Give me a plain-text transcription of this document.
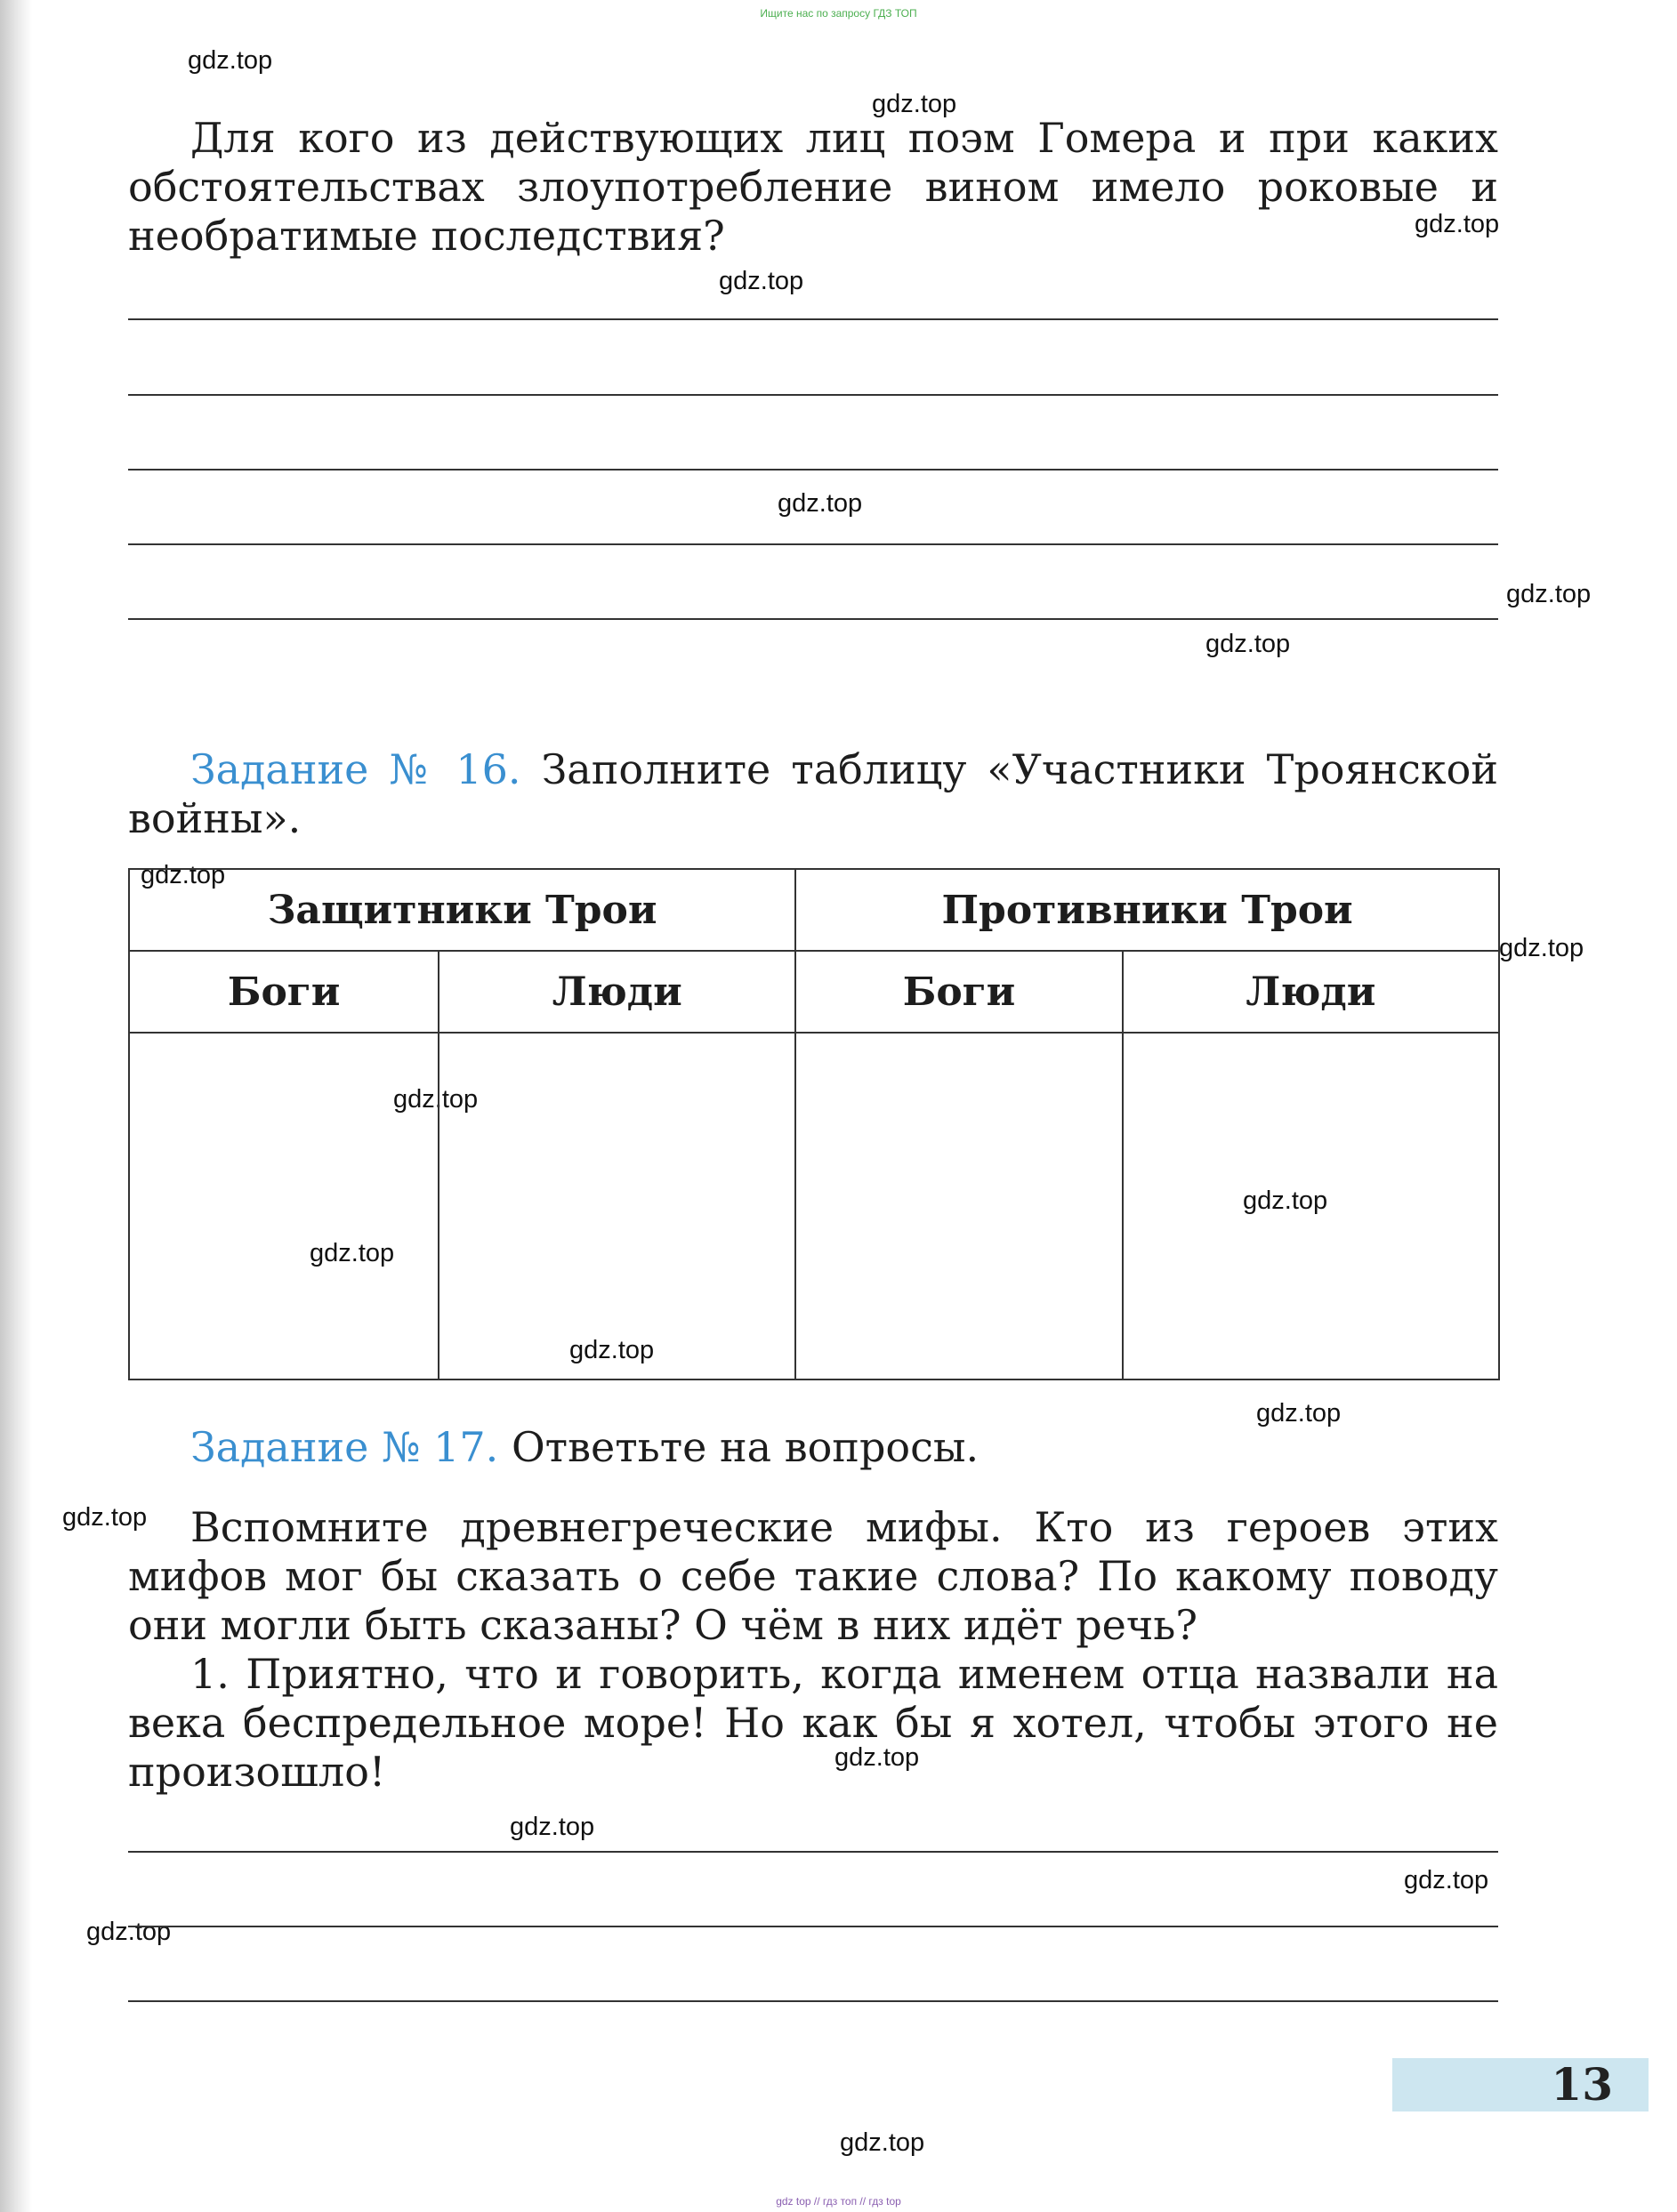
Ищите нас по запросу ГДЗ ТОП
gdz.top
gdz.top
gdz.top
gdz.top
gdz.top
gdz.top
gdz.top
gdz.top
gdz.top
gdz.top
gdz.top
gdz.top
gdz.top
gdz.top
gdz.top
gdz.top
gdz.top
gdz.top
gdz.top
gdz.top

Для кого из действующих лиц поэм Гомера и при каких обстоятельствах злоупотребление вином имело роковые и необратимые последствия?

Задание № 16. Заполните таблицу «Участники Троянской войны».

Защитники Трои		Противники Трои	
Боги	Люди	Боги	Люди

Задание № 17. Ответьте на вопросы.

Вспомните древнегреческие мифы. Кто из героев этих мифов мог бы сказать о себе такие слова? По какому поводу они могли быть сказаны? О чём в них идёт речь?

1. Приятно, что и говорить, когда именем отца назвали на века беспредельное море! Но как бы я хотел, чтобы этого не произошло!

13
gdz top // гдз топ // гдз top
